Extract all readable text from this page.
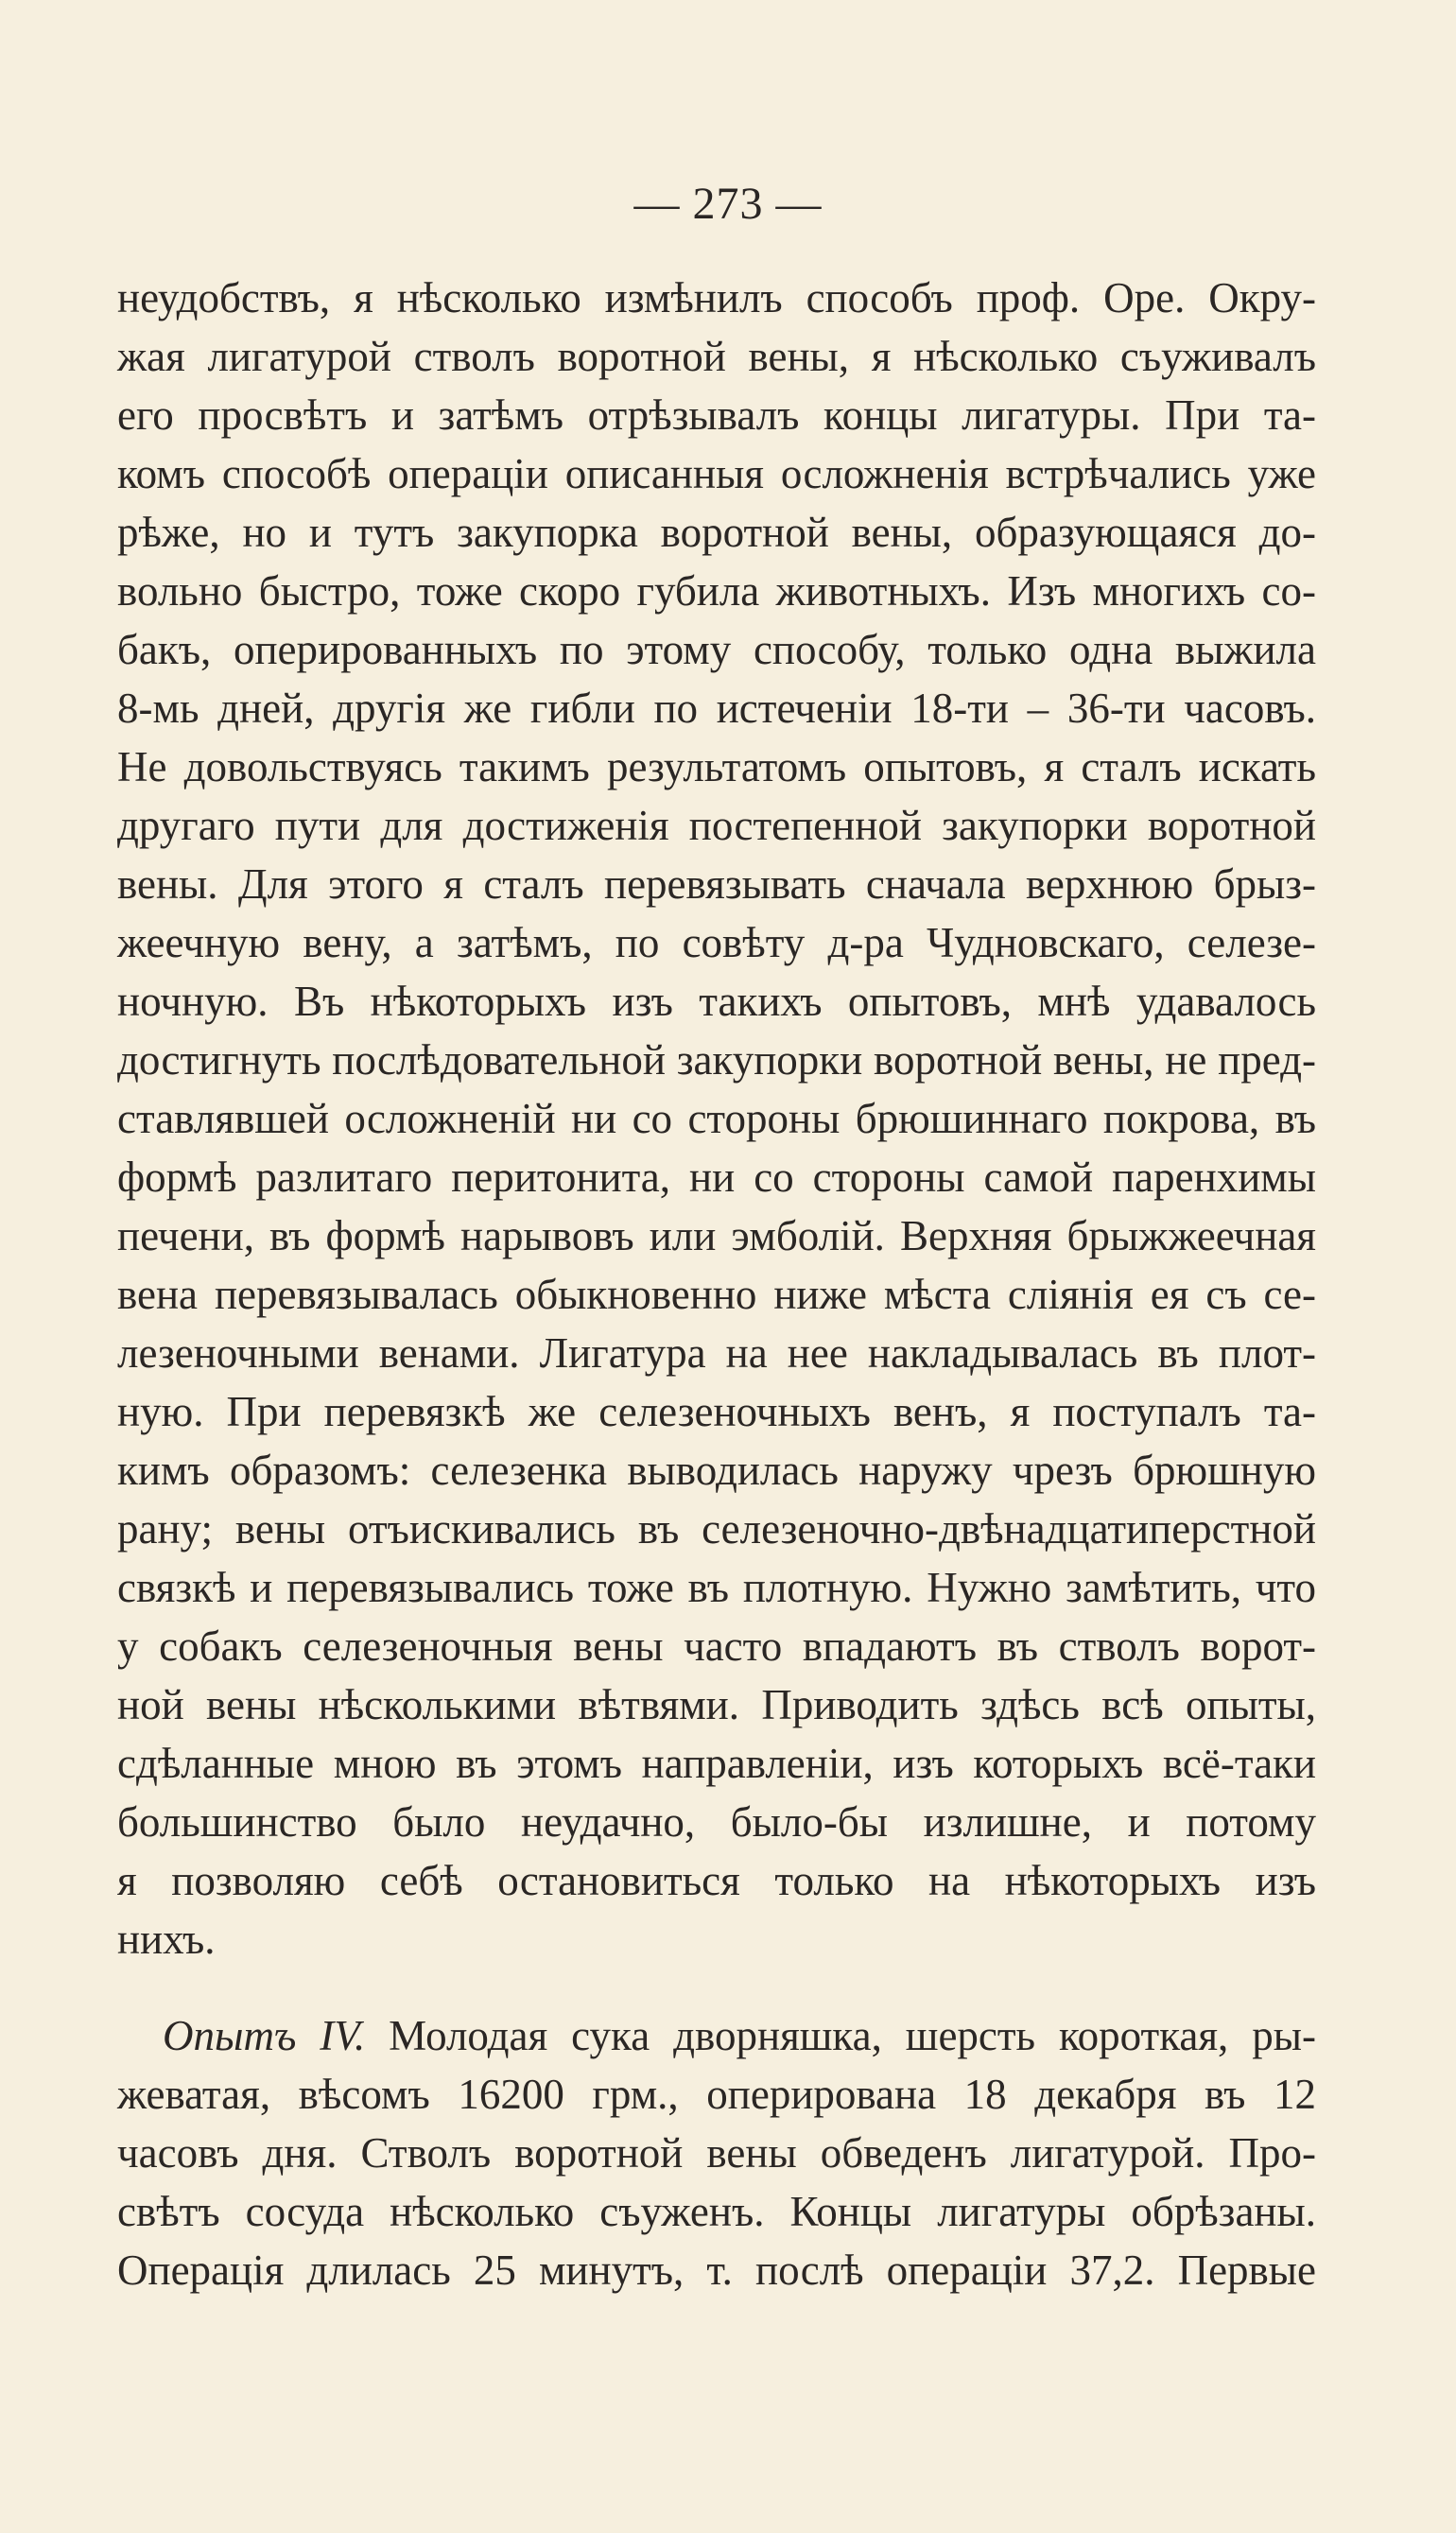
— 273 —
неудобствъ, я нѣсколько измѣнилъ способъ проф. Оре. Окру-
жая лигатурой стволъ воротной вены, я нѣсколько съуживалъ
его просвѣтъ и затѣмъ отрѣзывалъ концы лигатуры. При та-
комъ способѣ операціи описанныя осложненія встрѣчались уже
рѣже, но и тутъ закупорка воротной вены, образующаяся до-
вольно быстро, тоже скоро губила животныхъ. Изъ многихъ со-
бакъ, оперированныхъ по этому способу, только одна выжила
8-мь дней, другія же гибли по истеченіи 18-ти – 36-ти часовъ.
Не довольствуясь такимъ результатомъ опытовъ, я сталъ искать
другаго пути для достиженія постепенной закупорки воротной
вены. Для этого я сталъ перевязывать сначала верхнюю брыз-
жеечную вену, а затѣмъ, по совѣту д-ра Чудновскаго, селезе-
ночную. Въ нѣкоторыхъ изъ такихъ опытовъ, мнѣ удавалось
достигнуть послѣдовательной закупорки воротной вены, не пред-
ставлявшей осложненій ни со стороны брюшиннаго покрова, въ
формѣ разлитаго перитонита, ни со стороны самой паренхимы
печени, въ формѣ нарывовъ или эмболій. Верхняя брыжжеечная
вена перевязывалась обыкновенно ниже мѣста сліянія ея съ се-
лезеночными венами. Лигатура на нее накладывалась въ плот-
ную. При перевязкѣ же селезеночныхъ венъ, я поступалъ та-
кимъ образомъ: селезенка выводилась наружу чрезъ брюшную
рану; вены отъискивались въ селезеночно-двѣнадцатиперстной
связкѣ и перевязывались тоже въ плотную. Нужно замѣтить, что
у собакъ селезеночныя вены часто впадаютъ въ стволъ ворот-
ной вены нѣсколькими вѣтвями. Приводить здѣсь всѣ опыты,
сдѣланные мною въ этомъ направленіи, изъ которыхъ всё-таки
большинство было неудачно, было-бы излишне, и потому
я позволяю себѣ остановиться только на нѣкоторыхъ изъ
нихъ.
Опытъ IV. Молодая сука дворняшка, шерсть короткая, ры-
жеватая, вѣсомъ 16200 грм., оперирована 18 декабря въ 12
часовъ дня. Стволъ воротной вены обведенъ лигатурой. Про-
свѣтъ сосуда нѣсколько съуженъ. Концы лигатуры обрѣзаны.
Операція длилась 25 минутъ, т. послѣ операціи 37,2. Первые
